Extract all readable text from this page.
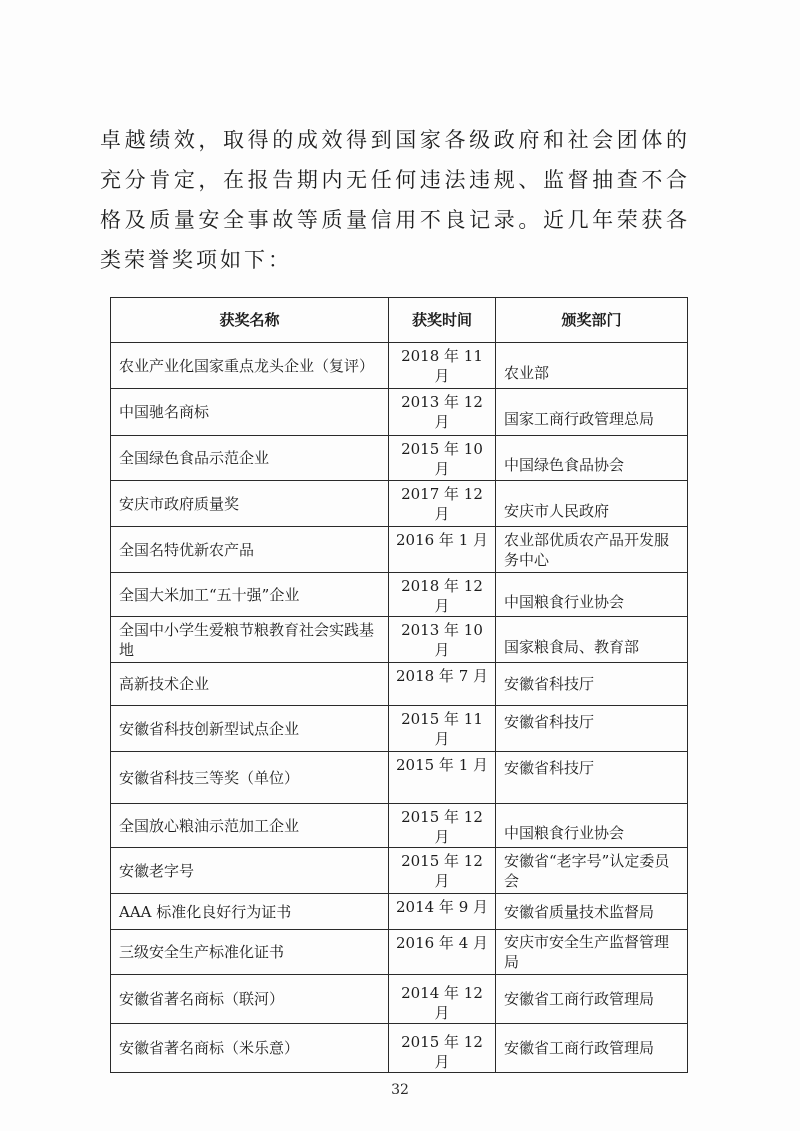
卓越绩效，取得的成效得到国家各级政府和社会团体的充分肯定，在报告期内无任何违法违规、监督抽查不合格及质量安全事故等质量信用不良记录。近几年荣获各类荣誉奖项如下：
获奖名称	获奖时间	颁奖部门
农业产业化国家重点龙头企业（复评）	2018 年 11 月	农业部
中国驰名商标	2013 年 12 月	国家工商行政管理总局
全国绿色食品示范企业	2015 年 10 月	中国绿色食品协会
安庆市政府质量奖	2017 年 12 月	安庆市人民政府
全国名特优新农产品	2016 年 1 月	农业部优质农产品开发服务中心
全国大米加工“五十强”企业	2018 年 12 月	中国粮食行业协会
全国中小学生爱粮节粮教育社会实践基地	2013 年 10 月	国家粮食局、教育部
高新技术企业	2018 年 7 月	安徽省科技厅
安徽省科技创新型试点企业	2015 年 11 月	安徽省科技厅
安徽省科技三等奖（单位）	2015 年 1 月	安徽省科技厅
全国放心粮油示范加工企业	2015 年 12 月	中国粮食行业协会
安徽老字号	2015 年 12 月	安徽省“老字号”认定委员会
AAA 标准化良好行为证书	2014 年 9 月	安徽省质量技术监督局
三级安全生产标准化证书	2016 年 4 月	安庆市安全生产监督管理局
安徽省著名商标（联河）	2014 年 12 月	安徽省工商行政管理局
安徽省著名商标（米乐意）	2015 年 12 月	安徽省工商行政管理局
32
